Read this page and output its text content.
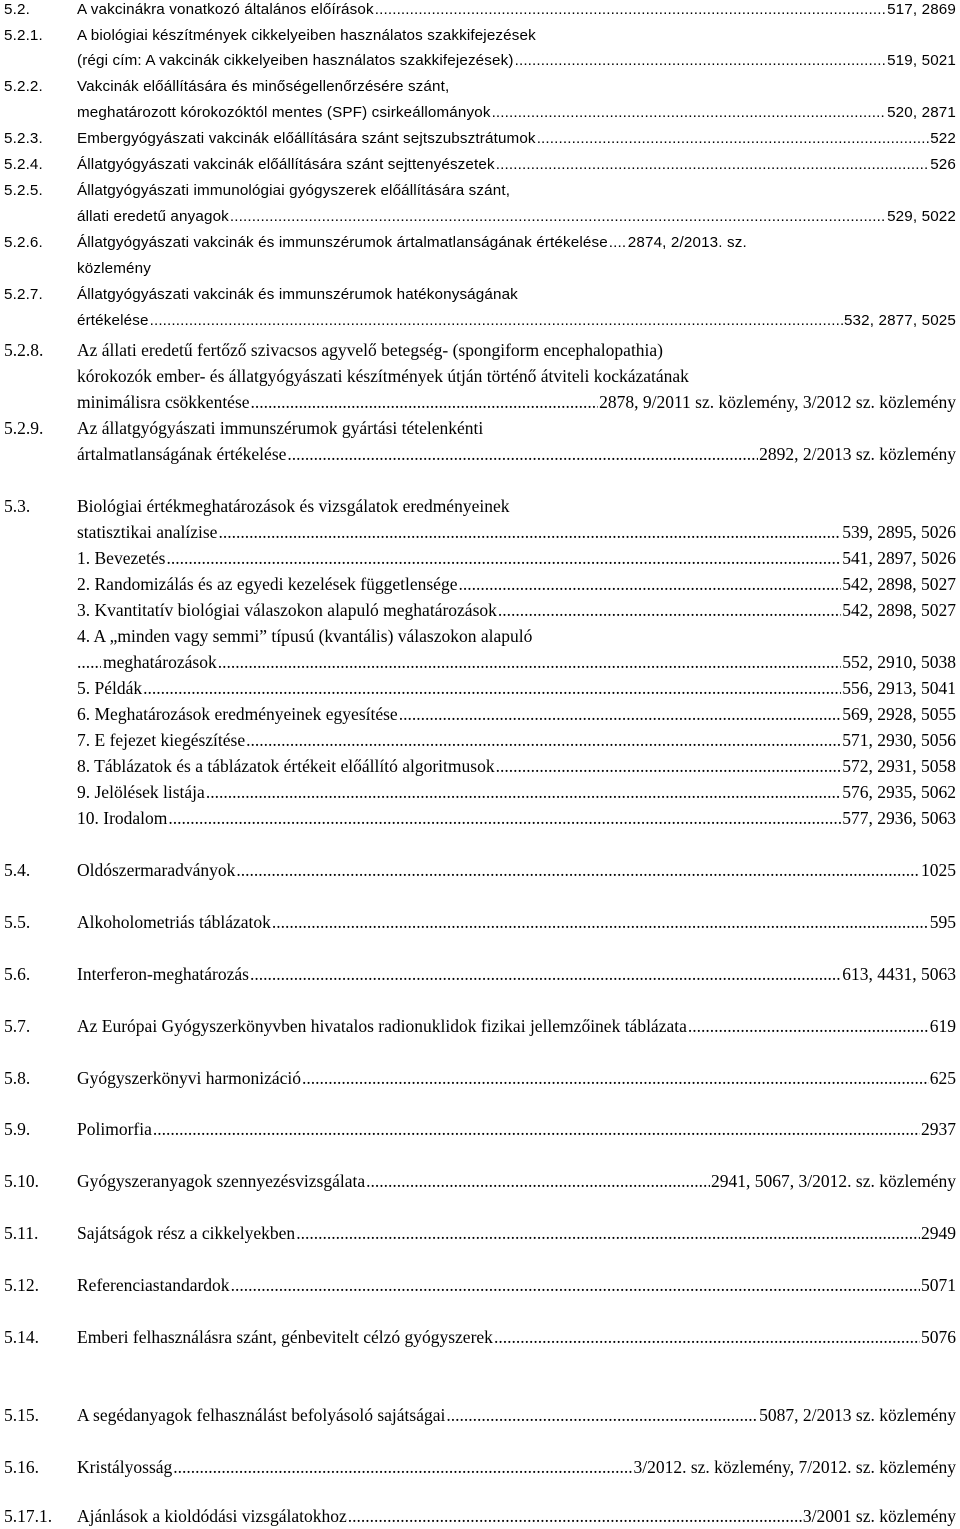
5.2.	A vakcinákra vonatkozó általános előírások .....	517, 2869
5.2.1. A biológiai készítmények cikkelyeiben használatos szakkifejezések
(régi cím: A vakcinák cikkelyeiben használatos szakkifejezések) .....	519, 5021
5.2.2. Vakcinák előállítására és minőségellenőrzésére szánt,
meghatározott kórokozóktól mentes (SPF) csirkeállományok .....	520, 2871
5.2.3. Embergyógyászati vakcinák előállítására szánt sejtszubsztrátumok .....	522
5.2.4. Állatgyógyászati vakcinák előállítására szánt sejttenyészetek .....	526
5.2.5. Állatgyógyászati immunológiai gyógyszerek előállítására szánt,
állati eredetű anyagok .....	529, 5022
5.2.6. Állatgyógyászati vakcinák és immunszérumok ártalmatlanságának értékelése ..... 2874, 2/2013. sz.
közlemény
5.2.7. Állatgyógyászati vakcinák és immunszérumok hatékonyságának
értékelése .....	532, 2877, 5025
5.2.8. Az állati eredetű fertőző szivacsos agyvelő betegség- (spongiform encephalopathia)
kórokozók ember- és állatgyógyászati készítmények útján történő átviteli kockázatának
minimálisra csökkentése .....	2878, 9/2011 sz. közlemény, 3/2012 sz. közlemény
5.2.9. Az állatgyógyászati immunszérumok gyártási tételenkénti
ártalmatlanságának értékelése .....	2892, 2/2013 sz. közlemény
5.3.	Biológiai értékmeghatározások és vizsgálatok eredményeinek
statisztikai analízise .....	539, 2895, 5026
1. Bevezetés .....	541, 2897, 5026
2. Randomizálás és az egyedi kezelések függetlensége .....	542, 2898, 5027
3. Kvantitatív biológiai válaszokon alapuló meghatározások .....	542, 2898, 5027
4. A „minden vagy semmi” típusú (kvantális) válaszokon alapuló
.....
meghatározások .....	552, 2910, 5038
5. Példák .....	556, 2913, 5041
6. Meghatározások eredményeinek egyesítése .....	569, 2928, 5055
7. E fejezet kiegészítése .....	571, 2930, 5056
8. Táblázatok és a táblázatok értékeit előállító algoritmusok .....	572, 2931, 5058
9. Jelölések listája .....	576, 2935, 5062
10. Irodalom .....	577, 2936, 5063
5.4.	Oldószermaradványok .....	1025
5.5.	Alkoholometriás táblázatok .....	595
5.6.	Interferon-meghatározás .....	613, 4431, 5063
5.7.	Az Európai Gyógyszerkönyvben hivatalos radionuklidok fizikai jellemzőinek táblázata .....	619
5.8.	Gyógyszerkönyvi harmonizáció .....	625
5.9.	Polimorfia .....	2937
5.10. Gyógyszeranyagok szennyezésvizsgálata .....	2941, 5067, 3/2012. sz. közlemény
5.11. Sajátságok rész a cikkelyekben .....	2949
5.12. Referenciastandardok .....	5071
5.14. Emberi felhasználásra szánt, génbevitelt célzó gyógyszerek .....	5076
5.15. A segédanyagok felhasználást befolyásoló sajátságai .....	5087, 2/2013 sz. közlemény
5.16. Kristályosság .....	3/2012. sz. közlemény, 7/2012. sz. közlemény
5.17.1. Ajánlások a kioldódási vizsgálatokhoz .....	3/2001 sz. közlemény
